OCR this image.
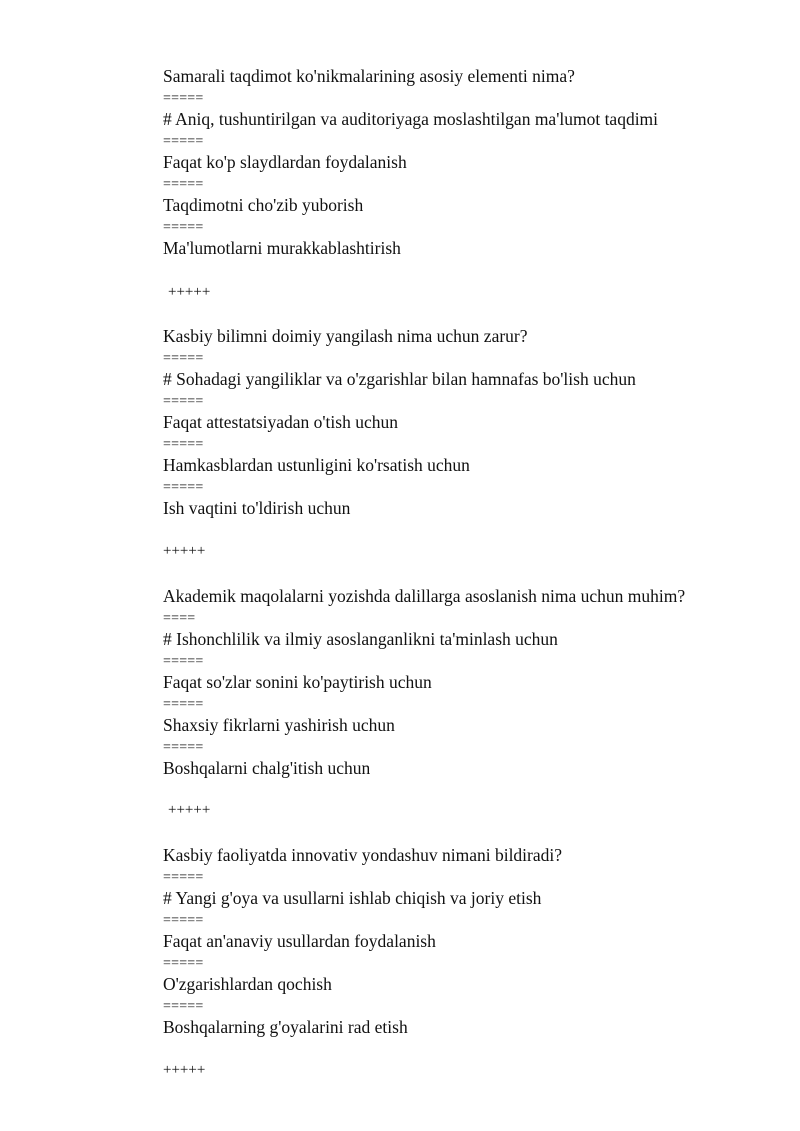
Samarali taqdimot ko'nikmalarining asosiy elementi nima?
=====
# Aniq, tushuntirilgan va auditoriyaga moslashtilgan ma'lumot taqdimi
=====
Faqat ko'p slaydlardan foydalanish
=====
Taqdimotni cho'zib yuborish
=====
Ma'lumotlarni murakkablashtirish
+++++
Kasbiy bilimni doimiy yangilash nima uchun zarur?
=====
# Sohadagi yangiliklar va o'zgarishlar bilan hamnafas bo'lish uchun
=====
Faqat attestatsiyadan o'tish uchun
=====
Hamkasblardan ustunligini ko'rsatish uchun
=====
Ish vaqtini to'ldirish uchun
+++++
Akademik maqolalarni yozishda dalillarga asoslanish nima uchun muhim?
====
# Ishonchlilik va ilmiy asoslanganlikni ta'minlash uchun
=====
Faqat so'zlar sonini ko'paytirish uchun
=====
Shaxsiy fikrlarni yashirish uchun
=====
Boshqalarni chalg'itish uchun
+++++
Kasbiy faoliyatda innovativ yondashuv nimani bildiradi?
=====
# Yangi g'oya va usullarni ishlab chiqish va joriy etish
=====
Faqat an'anaviy usullardan foydalanish
=====
O'zgarishlardan qochish
=====
Boshqalarning g'oyalarini rad etish
+++++
